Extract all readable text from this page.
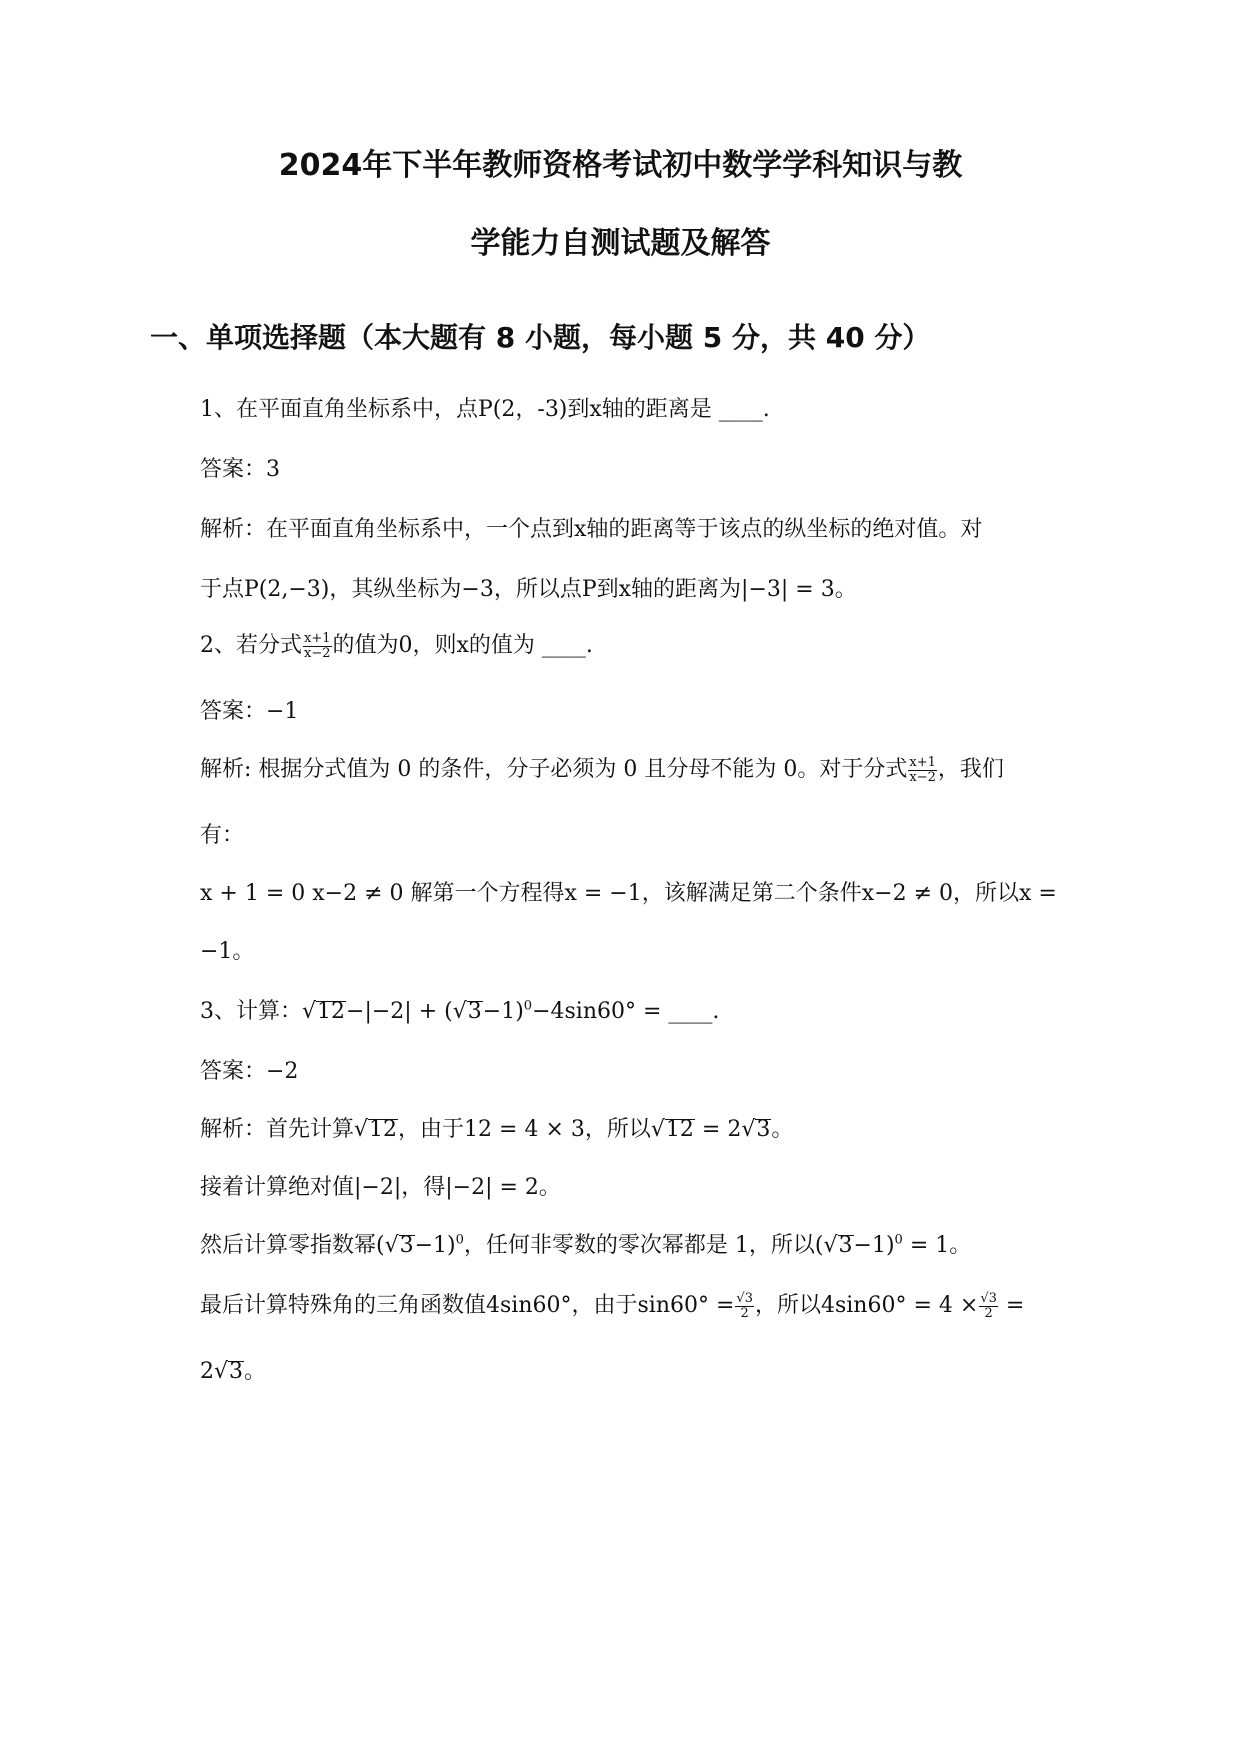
2024年下半年教师资格考试初中数学学科知识与教
学能力自测试题及解答
一、单项选择题（本大题有 8 小题，每小题 5 分，共 40 分）
1、在平面直角坐标系中，点P(2，-3)到x轴的距离是 ____.
答案：3
解析：在平面直角坐标系中，一个点到x轴的距离等于该点的纵坐标的绝对值。对
于点P(2,−3)，其纵坐标为−3，所以点P到x轴的距离为|−3| = 3。
2、若分式 $\frac{x+1}{x-2}$ 的值为0，则x的值为 ____.
答案：−1
解析: 根据分式值为 0 的条件，分子必须为 0 且分母不能为 0。对于分式 $\frac{x+1}{x-2}$ ，我们
有：
x + 1 = 0 x−2 ≠ 0 解第一个方程得x = −1，该解满足第二个条件x−2 ≠ 0，所以x =
−1。
3、计算：$√12-|-2| + (√3-1)^0-4\sin 60^\circ$ = ____.
答案：−2
解析：首先计算√12，由于12 = 4 × 3，所以√12 = 2√3。
接着计算绝对值|−2|，得|−2| = 2。
然后计算零指数幂$(√3-1)^0$，任何非零数的零次幂都是 1，所以$(√3-1)^0 = 1$。
最后计算特殊角的三角函数值4sin60°，由于$\sin 60^\circ = \frac{√3}{2}$ ，所以$4\sin 60^\circ = 4 \times \frac{√3}{2}$ =
2√3。
